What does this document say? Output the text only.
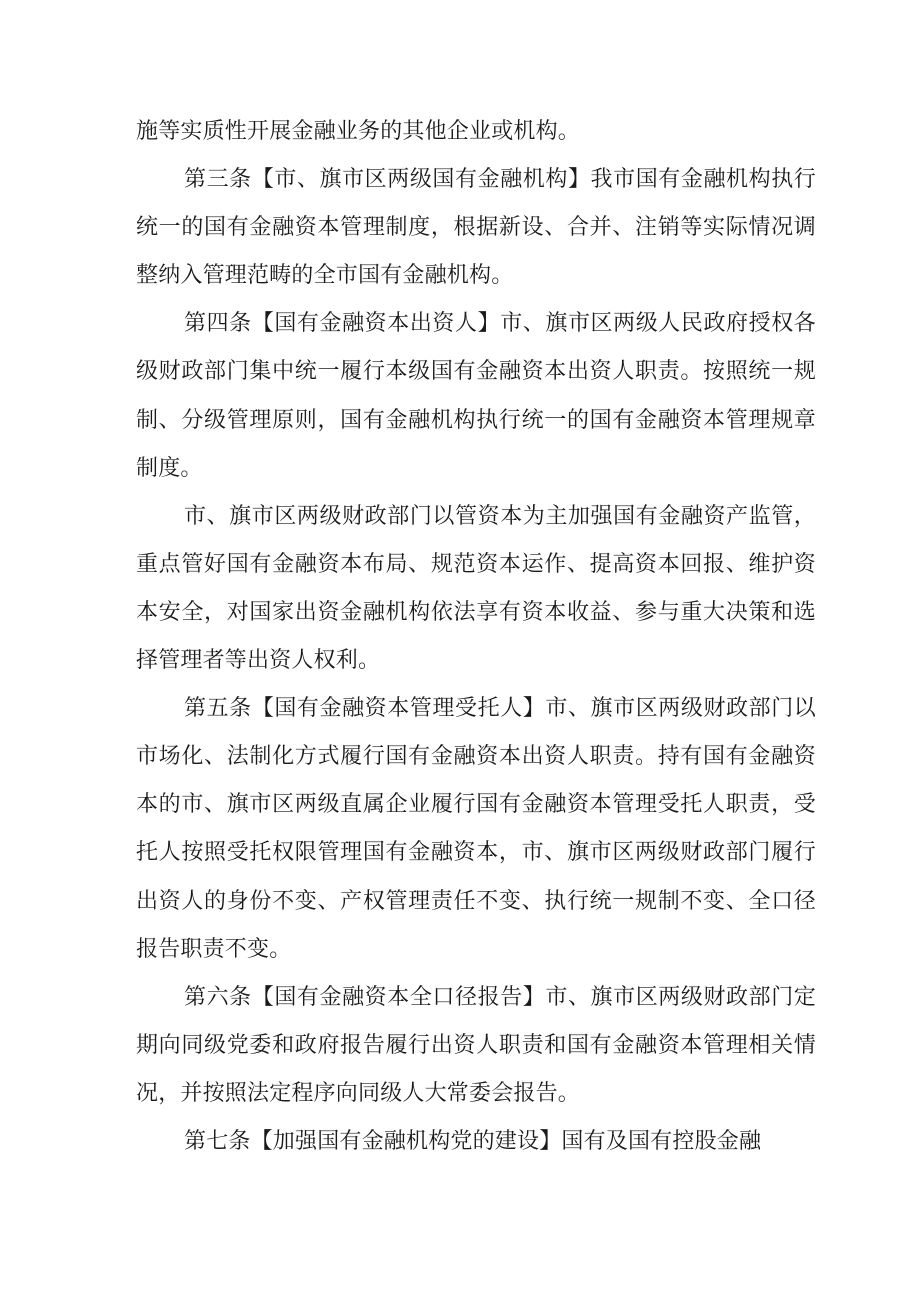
施等实质性开展金融业务的其他企业或机构。

第三条【市、旗市区两级国有金融机构】我市国有金融机构执行统一的国有金融资本管理制度，根据新设、合并、注销等实际情况调整纳入管理范畴的全市国有金融机构。

第四条【国有金融资本出资人】市、旗市区两级人民政府授权各级财政部门集中统一履行本级国有金融资本出资人职责。按照统一规制、分级管理原则，国有金融机构执行统一的国有金融资本管理规章制度。

市、旗市区两级财政部门以管资本为主加强国有金融资产监管，重点管好国有金融资本布局、规范资本运作、提高资本回报、维护资本安全，对国家出资金融机构依法享有资本收益、参与重大决策和选择管理者等出资人权利。

第五条【国有金融资本管理受托人】市、旗市区两级财政部门以市场化、法制化方式履行国有金融资本出资人职责。持有国有金融资本的市、旗市区两级直属企业履行国有金融资本管理受托人职责，受托人按照受托权限管理国有金融资本，市、旗市区两级财政部门履行出资人的身份不变、产权管理责任不变、执行统一规制不变、全口径报告职责不变。

第六条【国有金融资本全口径报告】市、旗市区两级财政部门定期向同级党委和政府报告履行出资人职责和国有金融资本管理相关情况，并按照法定程序向同级人大常委会报告。

第七条【加强国有金融机构党的建设】国有及国有控股金融
